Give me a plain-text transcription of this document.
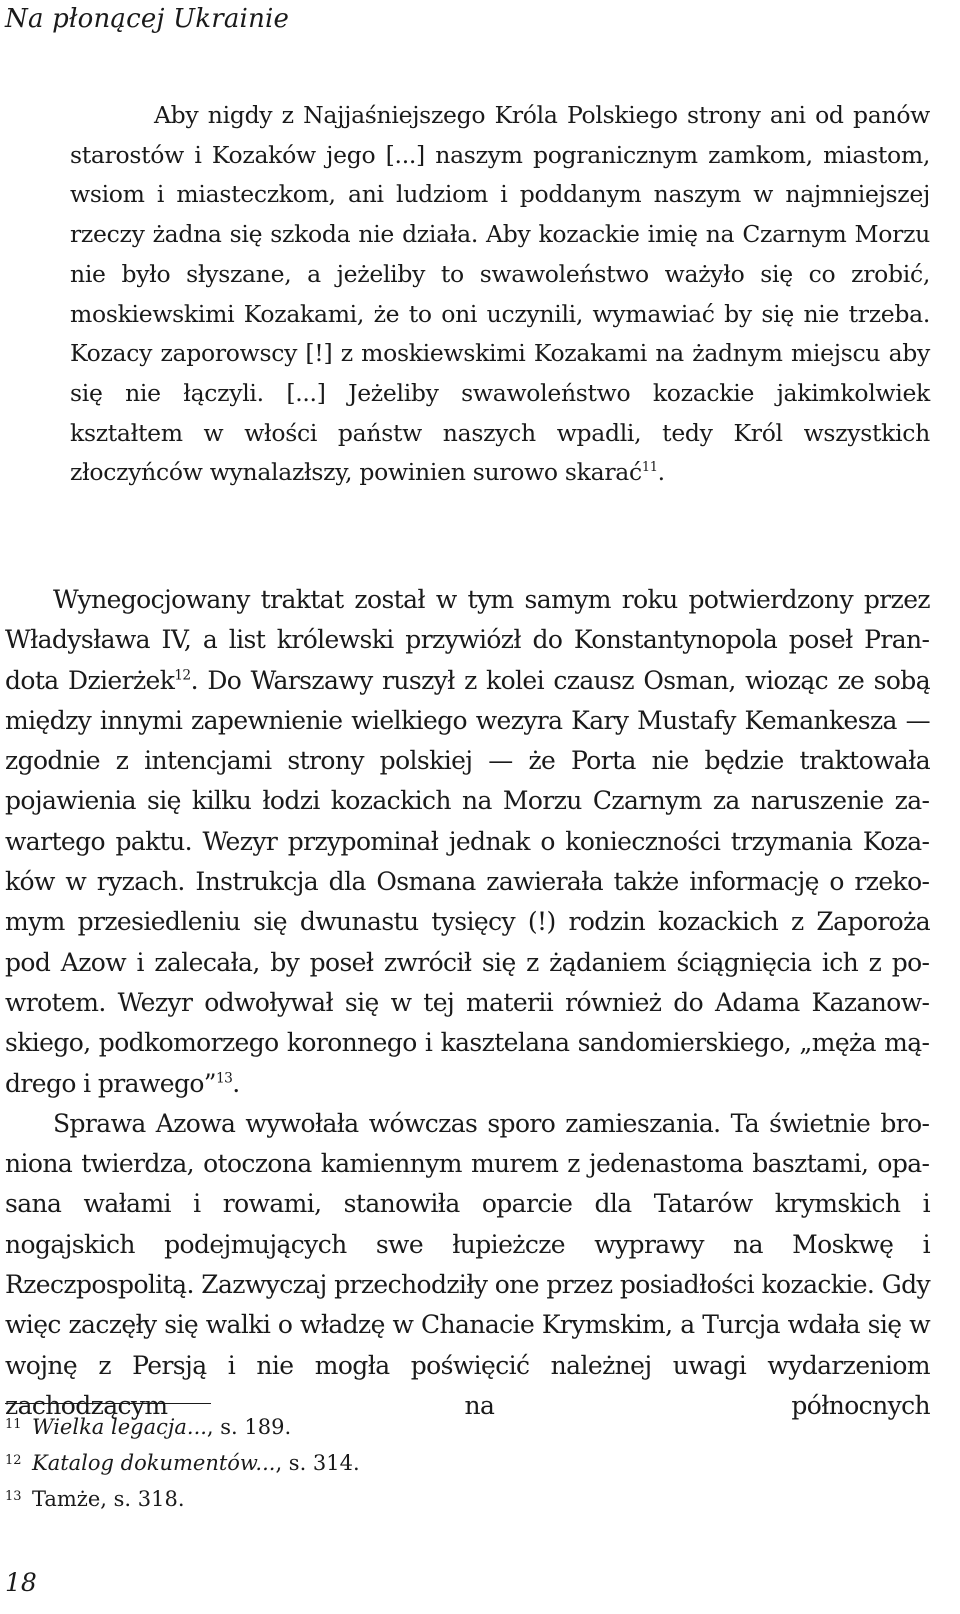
Na płonącej Ukrainie

Aby nigdy z Najjaśniejszego Króla Polskiego strony ani od panów starostów i Kozaków jego [...] naszym pogranicznym zamkom, miastom, wsiom i miasteczkom, ani ludziom i poddanym naszym w najmniejszej rzeczy żadna się szkoda nie działa. Aby kozackie imię na Czarnym Morzu nie było słyszane, a jeżeliby to swawoleństwo ważyło się co zrobić, moskiewskimi Kozakami, że to oni uczynili, wymawiać by się nie trzeba. Kozacy zaporowscy [!] z moskiewskimi Kozakami na żadnym miejscu aby się nie łączyli. [...] Jeżeliby swawoleństwo kozackie jakimkolwiek kształtem w włości państw naszych wpadli, tedy Król wszystkich złoczyńców wynalazłszy, powinien surowo skarać$^{11}$.

Wynegocjowany traktat został w tym samym roku potwierdzony przez Władysława IV, a list królewski przywiózł do Konstantynopola poseł Prandota Dzierżek$^{12}$. Do Warszawy ruszył z kolei czausz Osman, wioząc ze sobą między innymi zapewnienie wielkiego wezyra Kary Mustafy Kemankesza — zgodnie z intencjami strony polskiej — że Porta nie będzie traktowała pojawienia się kilku łodzi kozackich na Morzu Czarnym za naruszenie zawartego paktu. Wezyr przypominał jednak o konieczności trzymania Kozaków w ryzach. Instrukcja dla Osmana zawierała także informację o rzekomym przesiedleniu się dwunastu tysięcy (!) rodzin kozackich z Zaporoża pod Azow i zalecała, by poseł zwrócił się z żądaniem ściągnięcia ich z powrotem. Wezyr odwoływał się w tej materii również do Adama Kazanowskiego, podkomorzego koronnego i kasztelana sandomierskiego, „męża mądrego i prawego”$^{13}$.

Sprawa Azowa wywołała wówczas sporo zamieszania. Ta świetnie broniona twierdza, otoczona kamiennym murem z jedenastoma basztami, opasana wałami i rowami, stanowiła oparcie dla Tatarów krymskich i nogajskich podejmujących swe łupieżcze wyprawy na Moskwę i Rzeczpospolitą. Zazwyczaj przechodziły one przez posiadłości kozackie. Gdy więc zaczęły się walki o władzę w Chanacie Krymskim, a Turcja wdała się w wojnę z Persją i nie mogła poświęcić należnej uwagi wydarzeniom zachodzącym na północnych

11 Wielka legacja..., s. 189.
12 Katalog dokumentów..., s. 314.
13 Tamże, s. 318.
18
